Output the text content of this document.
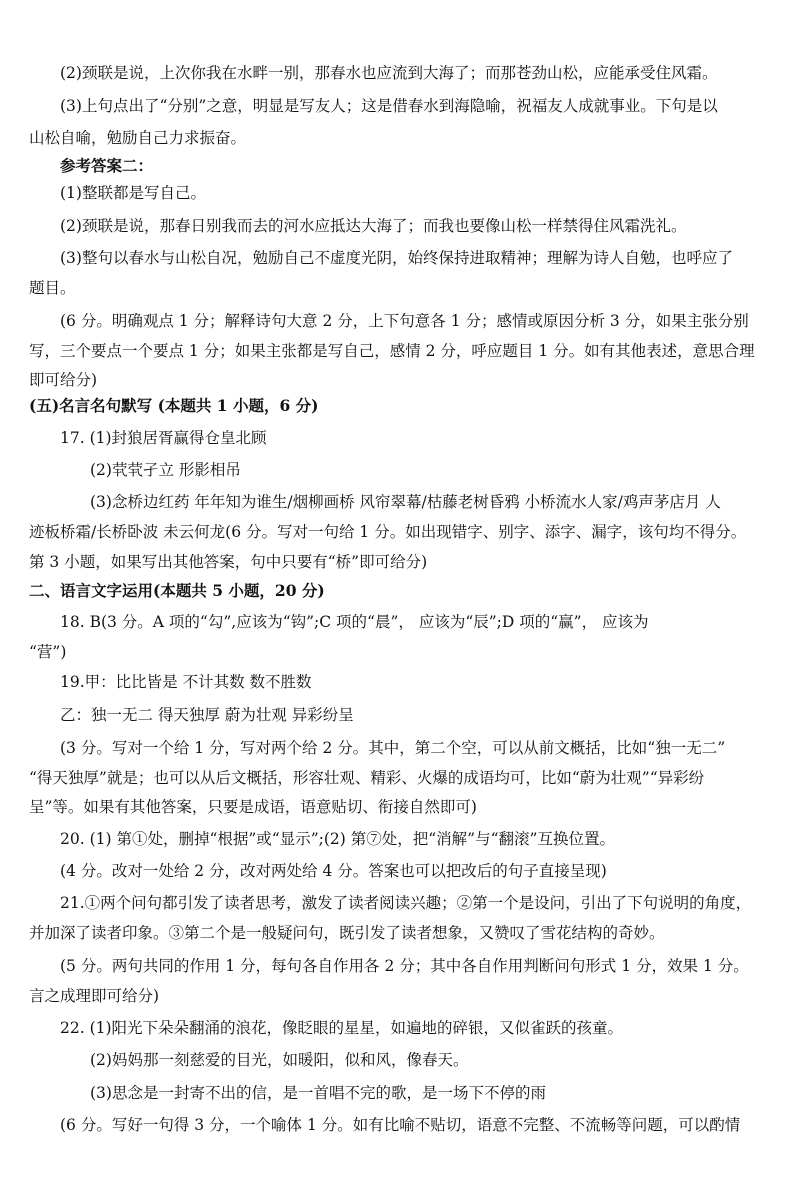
(2)颈联是说，上次你我在水畔一别，那春水也应流到大海了；而那苍劲山松，应能承受住风霜。
(3)上句点出了“分别”之意，明显是写友人；这是借春水到海隐喻，祝福友人成就事业。下句是以
山松自喻，勉励自己力求振奋。
参考答案二：
(1)整联都是写自己。
(2)颈联是说，那春日别我而去的河水应抵达大海了；而我也要像山松一样禁得住风霜洗礼。
(3)整句以春水与山松自况，勉励自己不虚度光阴，始终保持进取精神；理解为诗人自勉，也呼应了
题目。
(6 分。明确观点 1 分；解释诗句大意 2 分，上下句意各 1 分；感情或原因分析 3 分，如果主张分别
写，三个要点一个要点 1 分；如果主张都是写自己，感情 2 分，呼应题目 1 分。如有其他表述，意思合理
即可给分)
(五)名言名句默写 (本题共 1 小题，6 分)
17. (1)封狼居胥赢得仓皇北顾
(2)茕茕孑立 形影相吊
(3)念桥边红药 年年知为谁生/烟柳画桥 风帘翠幕/枯藤老树昏鸦 小桥流水人家/鸡声茅店月 人
迹板桥霜/长桥卧波 未云何龙(6 分。写对一句给 1 分。如出现错字、别字、添字、漏字，该句均不得分。
第 3 小题，如果写出其他答案，句中只要有“桥”即可给分)
二、语言文字运用(本题共 5 小题，20 分)
18. B(3 分。A 项的“勾”,应该为“钩”;C 项的“晨”， 应该为“辰”;D 项的“赢”， 应该为
“营”)
19.甲：比比皆是 不计其数 数不胜数
乙：独一无二 得天独厚 蔚为壮观 异彩纷呈
(3 分。写对一个给 1 分，写对两个给 2 分。其中，第二个空，可以从前文概括，比如“独一无二”
“得天独厚”就是；也可以从后文概括，形容壮观、精彩、火爆的成语均可，比如“蔚为壮观”“异彩纷
呈”等。如果有其他答案，只要是成语，语意贴切、衔接自然即可)
20. (1) 第①处，删掉“根据”或“显示”;(2) 第⑦处，把“消解”与“翻滚”互换位置。
(4 分。改对一处给 2 分，改对两处给 4 分。答案也可以把改后的句子直接呈现)
21.①两个问句都引发了读者思考，激发了读者阅读兴趣；②第一个是设问，引出了下句说明的角度，
并加深了读者印象。③第二个是一般疑问句，既引发了读者想象，又赞叹了雪花结构的奇妙。
(5 分。两句共同的作用 1 分，每句各自作用各 2 分；其中各自作用判断问句形式 1 分，效果 1 分。
言之成理即可给分)
22. (1)阳光下朵朵翻涌的浪花，像眨眼的星星，如遍地的碎银，又似雀跃的孩童。
(2)妈妈那一刻慈爱的目光，如暖阳，似和风，像春天。
(3)思念是一封寄不出的信，是一首唱不完的歌，是一场下不停的雨
(6 分。写好一句得 3 分，一个喻体 1 分。如有比喻不贴切，语意不完整、不流畅等问题，可以酌情
